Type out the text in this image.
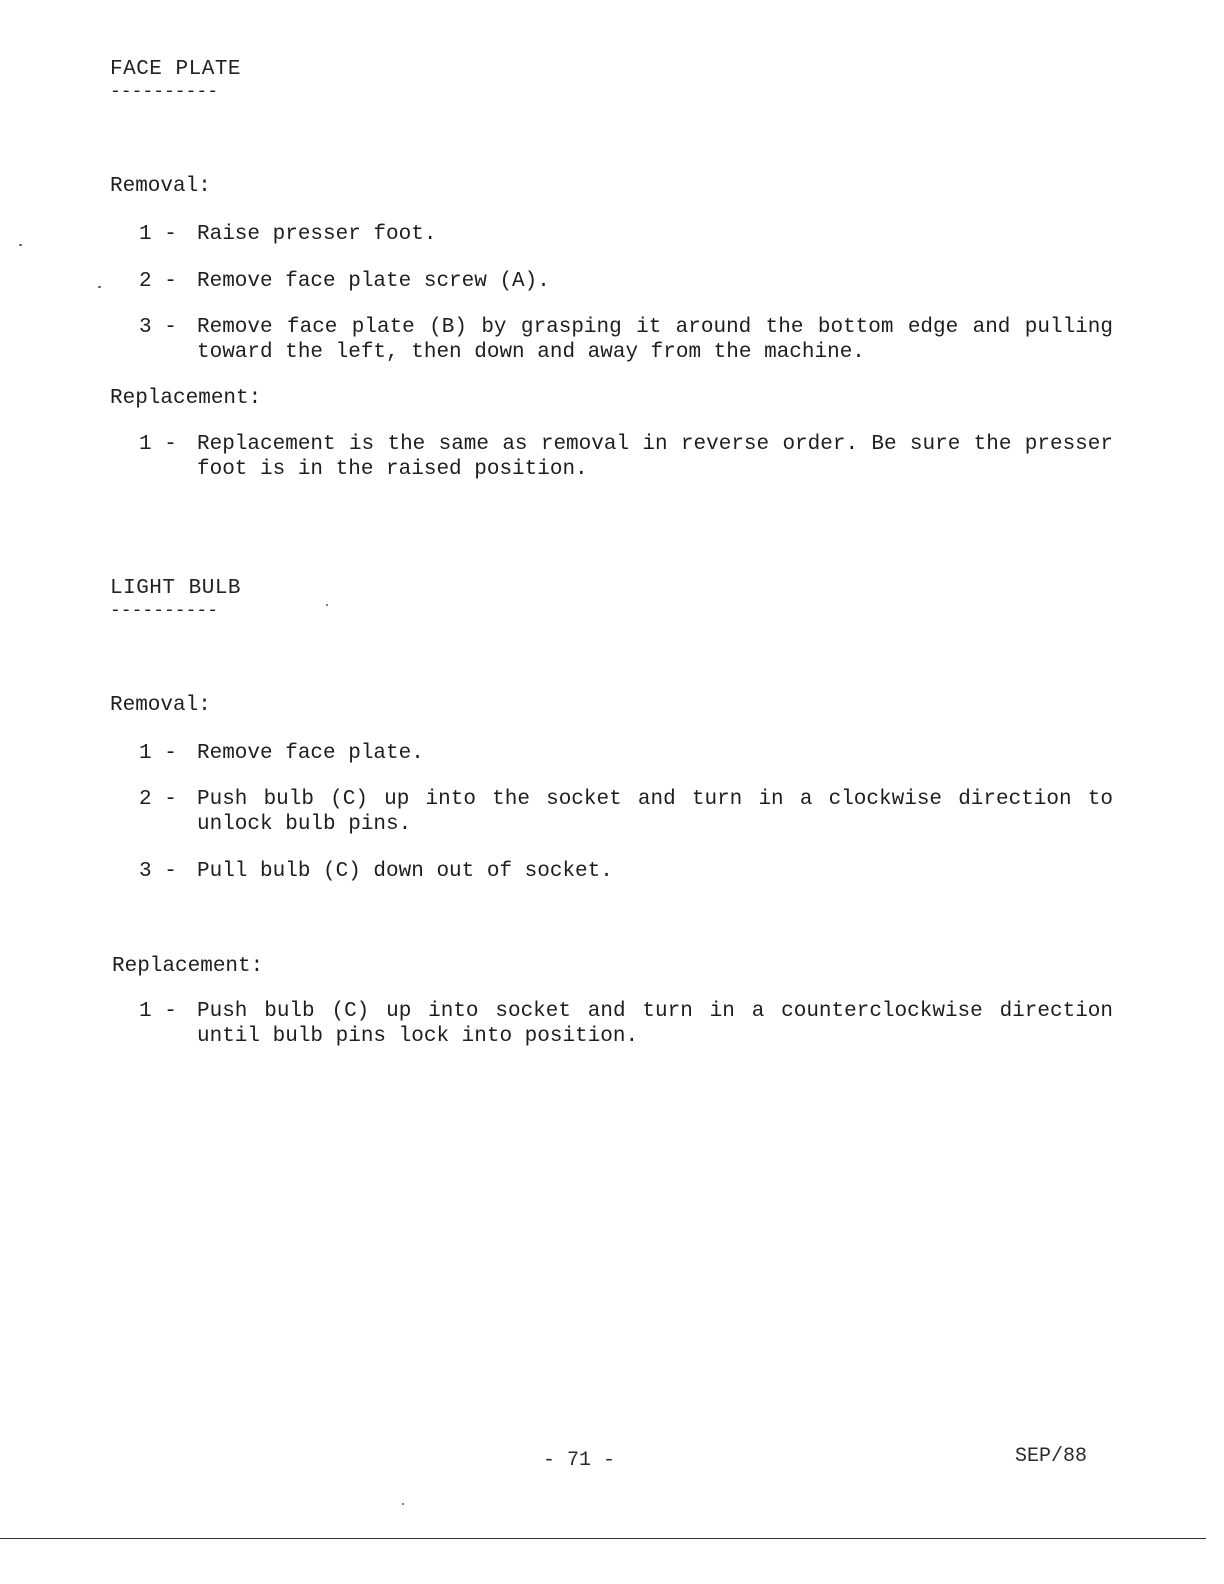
FACE PLATE
----------
Removal:
1 - Raise presser foot.
2 - Remove face plate screw (A).
3 - Remove face plate (B) by grasping it around the bottom edge and pulling toward the left, then down and away from the machine.
Replacement:
1 - Replacement is the same as removal in reverse order. Be sure the presser foot is in the raised position.
LIGHT BULB
----------
Removal:
1 - Remove face plate.
2 - Push bulb (C) up into the socket and turn in a clockwise direction to unlock bulb pins.
3 - Pull bulb (C) down out of socket.
Replacement:
1 - Push bulb (C) up into socket and turn in a counterclockwise direction until bulb pins lock into position.
- 71 -	SEP/88
